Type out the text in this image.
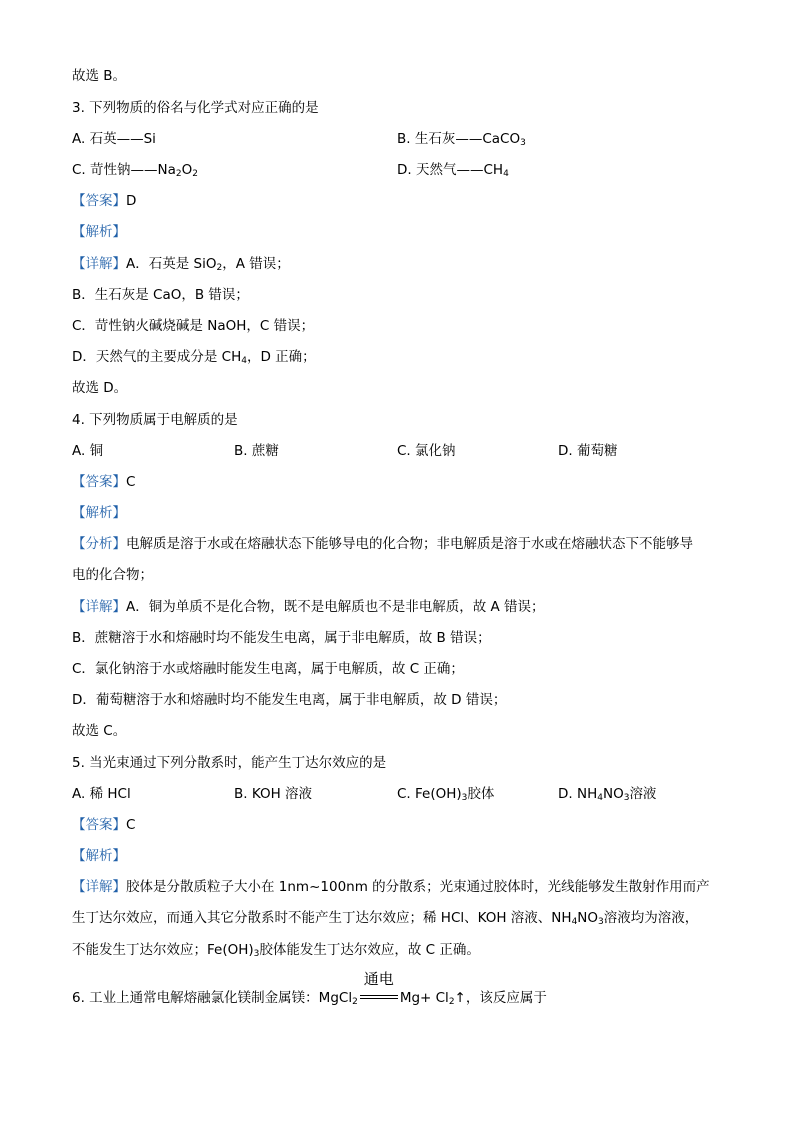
故选 B。
3. 下列物质的俗名与化学式对应正确的是
A. 石英——Si	B. 生石灰——CaCO$_3$
C. 苛性钠$——Na_2O_2$	D. 天然气$——CH_4$
【答案】D
【解析】
【详解】A．石英是 SiO$_2$，A 错误；
B．生石灰是 CaO，B 错误；
C．苛性钠火碱烧碱是 NaOH，C 错误；
D．天然气的主要成分是 $CH_4$，D 正确；
故选 D。
4. 下列物质属于电解质的是
A. 铜	B. 蔗糖	C. 氯化钠	D. 葡萄糖
【答案】C
【解析】
【分析】电解质是溶于水或在熔融状态下能够导电的化合物；非电解质是溶于水或在熔融状态下不能够导
电的化合物；
【详解】A．铜为单质不是化合物，既不是电解质也不是非电解质，故 A 错误；
B．蔗糖溶于水和熔融时均不能发生电离，属于非电解质，故 B 错误；
C．氯化钠溶于水或熔融时能发生电离，属于电解质，故 C 正确；
D．葡萄糖溶于水和熔融时均不能发生电离，属于非电解质，故 D 错误；
故选 C。
5. 当光束通过下列分散系时，能产生丁达尔效应的是
A. 稀 HCl	B. KOH 溶液	C. $Fe(OH)_3$胶体	D. $NH_4NO_3$溶液
【答案】C
【解析】
【详解】胶体是分散质粒子大小在 1nm~100nm 的分散系；光束通过胶体时，光线能够发生散射作用而产
生丁达尔效应，而通入其它分散系时不能产生丁达尔效应；稀 HCl、KOH 溶液、$NH_4NO_3$溶液均为溶液，
不能发生丁达尔效应；$Fe(OH)_3$胶体能发生丁达尔效应，故 C 正确。
6. 工业上通常电解熔融氯化镁制金属镁：MgCl$_2$
通电
$Mg+ Cl_2↑$，该反应属于
